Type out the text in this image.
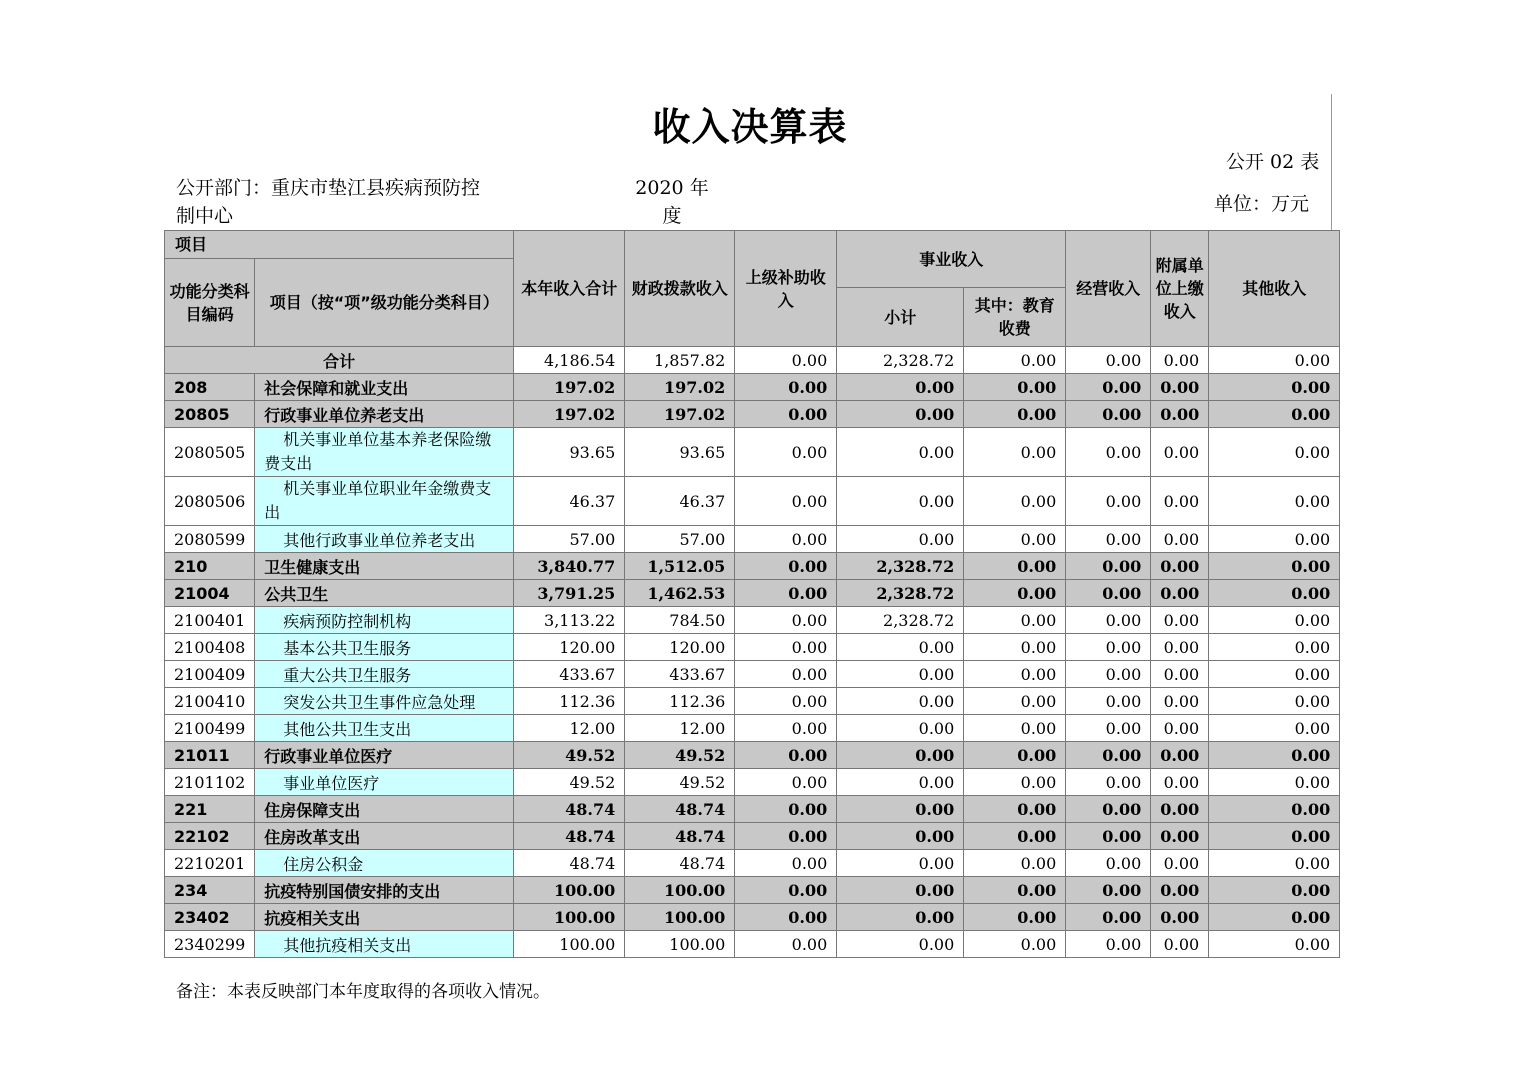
收入决算表
公开 02 表
公开部门：重庆市垫江县疾病预防控制中心
2020 年度
单位：万元
项目		本年收入合计	财政拨款收入	上级补助收入	事业收入		经营收入	附属单位上缴收入	其他收入
功能分类科目编码	项目（按“项”级功能分类科目）								
					小计	其中：教育收费			
合计		4,186.54	1,857.82	0.00	2,328.72	0.00	0.00	0.00	0.00
208	社会保障和就业支出	197.02	197.02	0.00	0.00	0.00	0.00	0.00	0.00
20805	行政事业单位养老支出	197.02	197.02	0.00	0.00	0.00	0.00	0.00	0.00
2080505	机关事业单位基本养老保险缴费支出	93.65	93.65	0.00	0.00	0.00	0.00	0.00	0.00
2080506	机关事业单位职业年金缴费支出	46.37	46.37	0.00	0.00	0.00	0.00	0.00	0.00
2080599	其他行政事业单位养老支出	57.00	57.00	0.00	0.00	0.00	0.00	0.00	0.00
210	卫生健康支出	3,840.77	1,512.05	0.00	2,328.72	0.00	0.00	0.00	0.00
21004	公共卫生	3,791.25	1,462.53	0.00	2,328.72	0.00	0.00	0.00	0.00
2100401	疾病预防控制机构	3,113.22	784.50	0.00	2,328.72	0.00	0.00	0.00	0.00
2100408	基本公共卫生服务	120.00	120.00	0.00	0.00	0.00	0.00	0.00	0.00
2100409	重大公共卫生服务	433.67	433.67	0.00	0.00	0.00	0.00	0.00	0.00
2100410	突发公共卫生事件应急处理	112.36	112.36	0.00	0.00	0.00	0.00	0.00	0.00
2100499	其他公共卫生支出	12.00	12.00	0.00	0.00	0.00	0.00	0.00	0.00
21011	行政事业单位医疗	49.52	49.52	0.00	0.00	0.00	0.00	0.00	0.00
2101102	事业单位医疗	49.52	49.52	0.00	0.00	0.00	0.00	0.00	0.00
221	住房保障支出	48.74	48.74	0.00	0.00	0.00	0.00	0.00	0.00
22102	住房改革支出	48.74	48.74	0.00	0.00	0.00	0.00	0.00	0.00
2210201	住房公积金	48.74	48.74	0.00	0.00	0.00	0.00	0.00	0.00
234	抗疫特别国债安排的支出	100.00	100.00	0.00	0.00	0.00	0.00	0.00	0.00
23402	抗疫相关支出	100.00	100.00	0.00	0.00	0.00	0.00	0.00	0.00
2340299	其他抗疫相关支出	100.00	100.00	0.00	0.00	0.00	0.00	0.00	0.00
备注：本表反映部门本年度取得的各项收入情况。
